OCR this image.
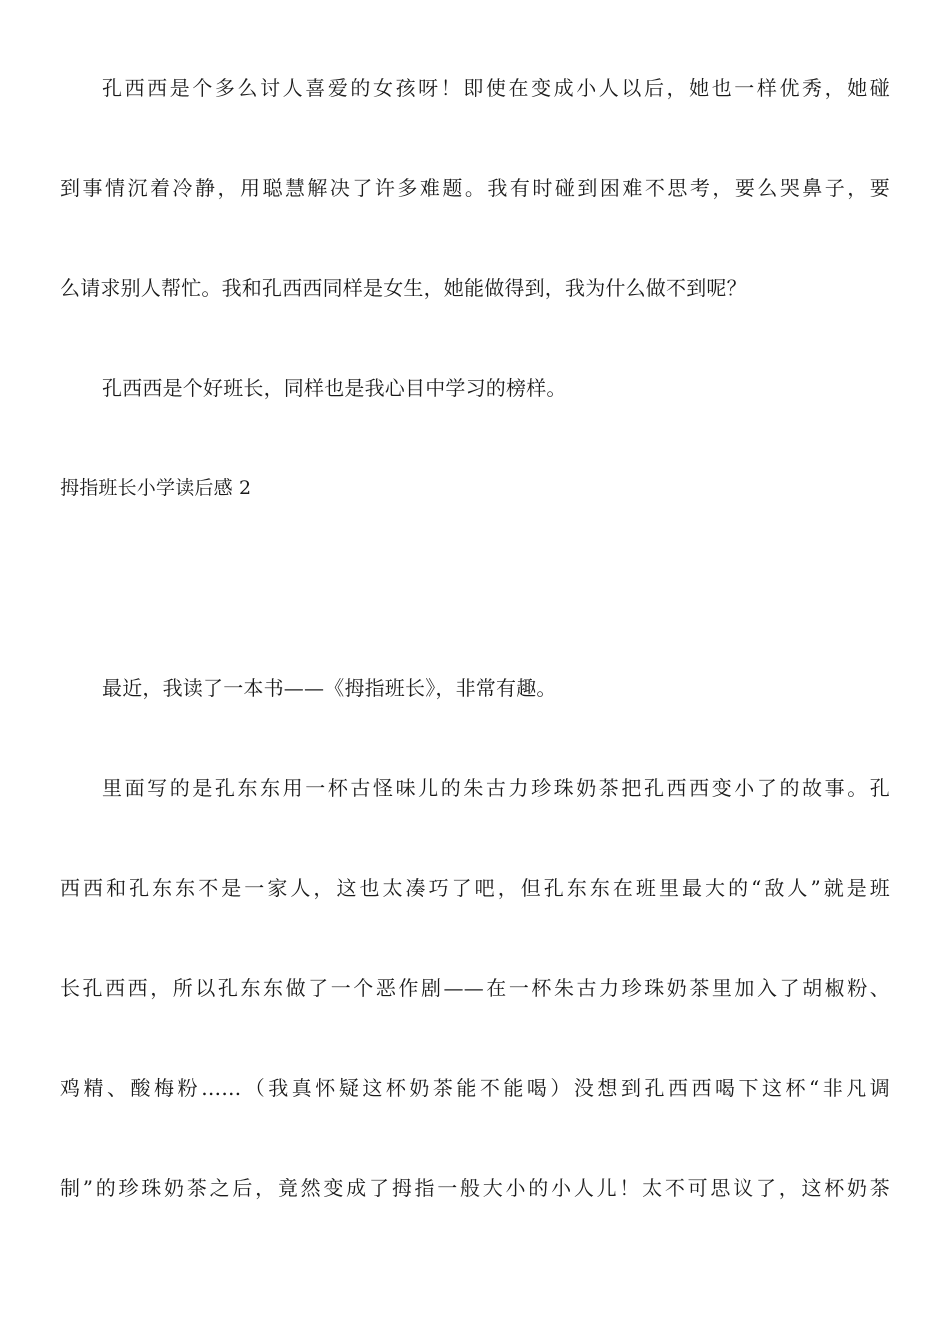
孔西西是个多么讨人喜爱的女孩呀！即使在变成小人以后，她也一样优秀，她碰
到事情沉着冷静，用聪慧解决了许多难题。我有时碰到困难不思考，要么哭鼻子，要
么请求别人帮忙。我和孔西西同样是女生，她能做得到，我为什么做不到呢？
孔西西是个好班长，同样也是我心目中学习的榜样。
拇指班长小学读后感 2
最近，我读了一本书——《拇指班长》，非常有趣。
里面写的是孔东东用一杯古怪味儿的朱古力珍珠奶茶把孔西西变小了的故事。孔
西西和孔东东不是一家人，这也太凑巧了吧，但孔东东在班里最大的“敌人”就是班
长孔西西，所以孔东东做了一个恶作剧——在一杯朱古力珍珠奶茶里加入了胡椒粉、
鸡精、酸梅粉……（我真怀疑这杯奶茶能不能喝）没想到孔西西喝下这杯“非凡调
制”的珍珠奶茶之后，竟然变成了拇指一般大小的小人儿！太不可思议了，这杯奶茶
